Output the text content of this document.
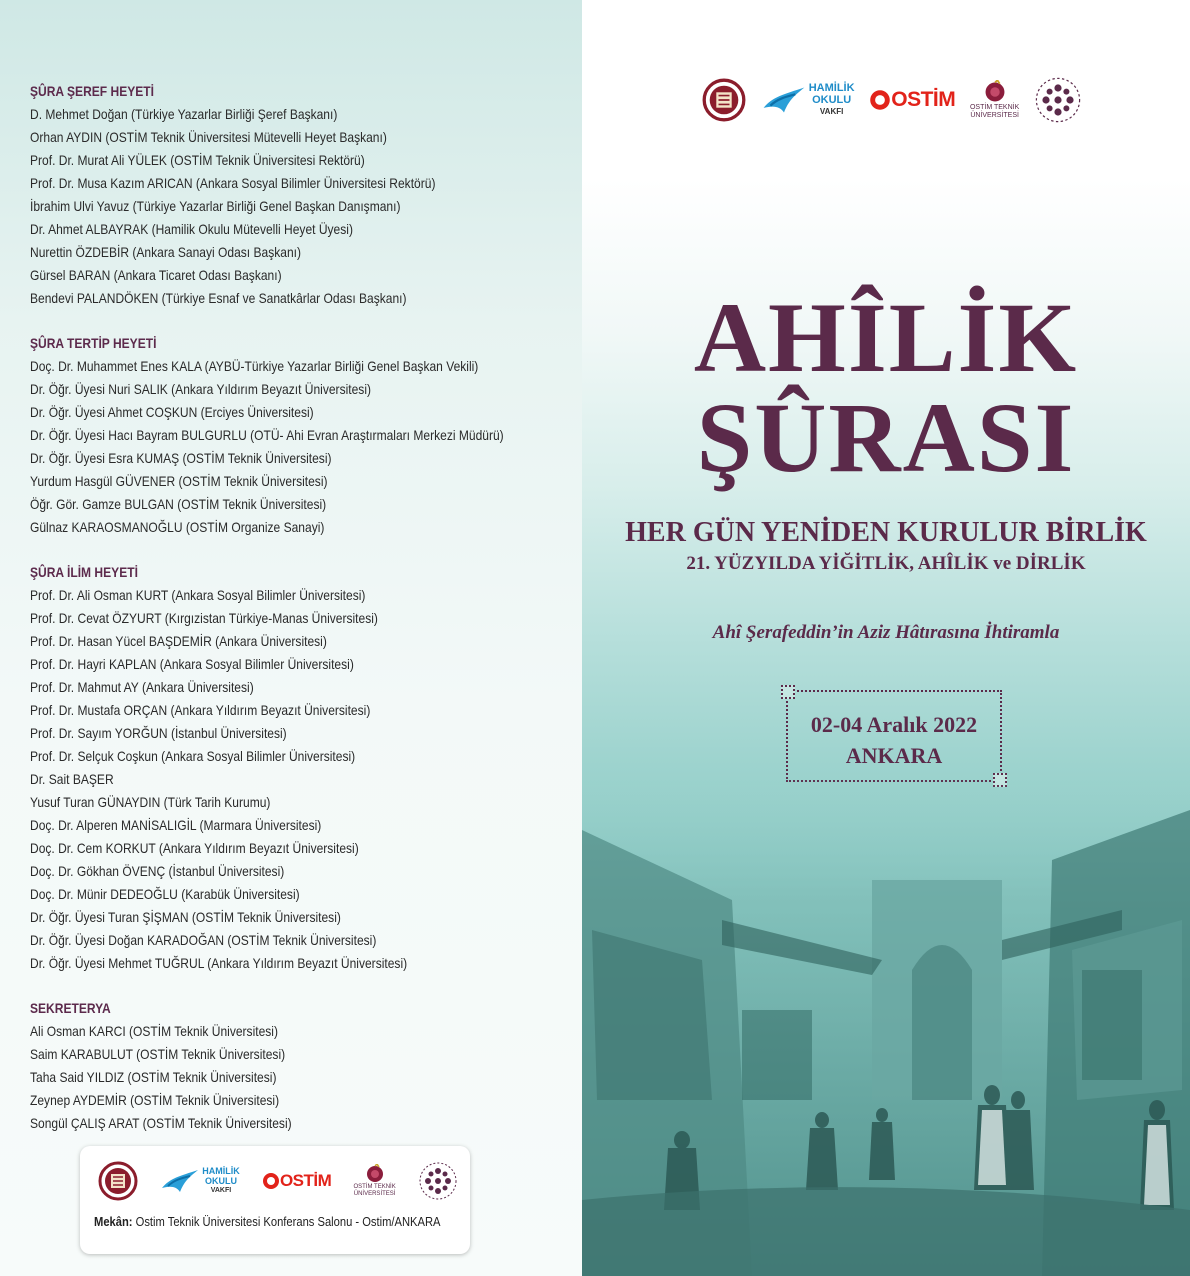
ŞÛRA ŞEREF HEYETİ
D. Mehmet Doğan (Türkiye Yazarlar Birliği Şeref Başkanı)
Orhan AYDIN (OSTİM Teknik Üniversitesi Mütevelli Heyet Başkanı)
Prof. Dr. Murat Ali YÜLEK (OSTİM Teknik Üniversitesi Rektörü)
Prof. Dr. Musa Kazım ARICAN (Ankara Sosyal Bilimler Üniversitesi Rektörü)
İbrahim Ulvi Yavuz (Türkiye Yazarlar Birliği Genel Başkan Danışmanı)
Dr. Ahmet ALBAYRAK (Hamilik Okulu Mütevelli Heyet Üyesi)
Nurettin ÖZDEBİR (Ankara Sanayi Odası Başkanı)
Gürsel BARAN (Ankara Ticaret Odası Başkanı)
Bendevi PALANDÖKEN (Türkiye Esnaf ve Sanatkârlar Odası Başkanı)
ŞÛRA TERTİP HEYETİ
Doç. Dr. Muhammet Enes KALA (AYBÜ-Türkiye Yazarlar Birliği Genel Başkan Vekili)
Dr. Öğr. Üyesi Nuri SALIK (Ankara Yıldırım Beyazıt Üniversitesi)
Dr. Öğr. Üyesi Ahmet COŞKUN (Erciyes Üniversitesi)
Dr. Öğr. Üyesi Hacı Bayram BULGURLU (OTÜ- Ahi Evran Araştırmaları Merkezi Müdürü)
Dr. Öğr. Üyesi Esra KUMAŞ (OSTİM Teknik Üniversitesi)
Yurdum Hasgül GÜVENER (OSTİM Teknik Üniversitesi)
Öğr. Gör. Gamze BULGAN (OSTİM Teknik Üniversitesi)
Gülnaz KARAOSMANOĞLU (OSTİM Organize Sanayi)
ŞÛRA İLİM HEYETİ
Prof. Dr. Ali Osman KURT (Ankara Sosyal Bilimler Üniversitesi)
Prof. Dr. Cevat ÖZYURT (Kırgızistan Türkiye-Manas Üniversitesi)
Prof. Dr. Hasan Yücel BAŞDEMİR (Ankara Üniversitesi)
Prof. Dr. Hayri KAPLAN (Ankara Sosyal Bilimler Üniversitesi)
Prof. Dr. Mahmut AY (Ankara Üniversitesi)
Prof. Dr. Mustafa ORÇAN (Ankara Yıldırım Beyazıt Üniversitesi)
Prof. Dr. Sayım YORĞUN (İstanbul Üniversitesi)
Prof. Dr. Selçuk Coşkun (Ankara Sosyal Bilimler Üniversitesi)
Dr. Sait BAŞER
Yusuf Turan GÜNAYDIN (Türk Tarih Kurumu)
Doç. Dr. Alperen MANİSALIGİL (Marmara Üniversitesi)
Doç. Dr. Cem KORKUT (Ankara Yıldırım Beyazıt Üniversitesi)
Doç. Dr. Gökhan ÖVENÇ (İstanbul Üniversitesi)
Doç. Dr. Münir DEDEOĞLU (Karabük Üniversitesi)
Dr. Öğr. Üyesi Turan ŞİŞMAN (OSTİM Teknik Üniversitesi)
Dr. Öğr. Üyesi Doğan KARADOĞAN (OSTİM Teknik Üniversitesi)
Dr. Öğr. Üyesi Mehmet TUĞRUL (Ankara Yıldırım Beyazıt Üniversitesi)
SEKRETERYA
Ali Osman KARCI (OSTİM Teknik Üniversitesi)
Saim KARABULUT (OSTİM Teknik Üniversitesi)
Taha Said YILDIZ (OSTİM Teknik Üniversitesi)
Zeynep AYDEMİR (OSTİM Teknik Üniversitesi)
Songül ÇALIŞ ARAT (OSTİM Teknik Üniversitesi)
HAMİLİK
OKULU
VAKFI
OSTİM	OSTİM TEKNİK
ÜNİVERSİTESİ
Mekân: Ostim Teknik Üniversitesi Konferans Salonu - Ostim/ANKARA
HAMİLİK
OKULU
VAKFI
OSTİM OSTİM TEKNİK
ÜNİVERSİTESİ
AHÎLİK
ŞÛRASI
HER GÜN YENİDEN KURULUR BİRLİK
21. YÜZYILDA YİĞİTLİK, AHÎLİK ve DİRLİK
Ahî Şerafeddin’in Aziz Hâtırasına İhtiramla
02-04 Aralık 2022
ANKARA
